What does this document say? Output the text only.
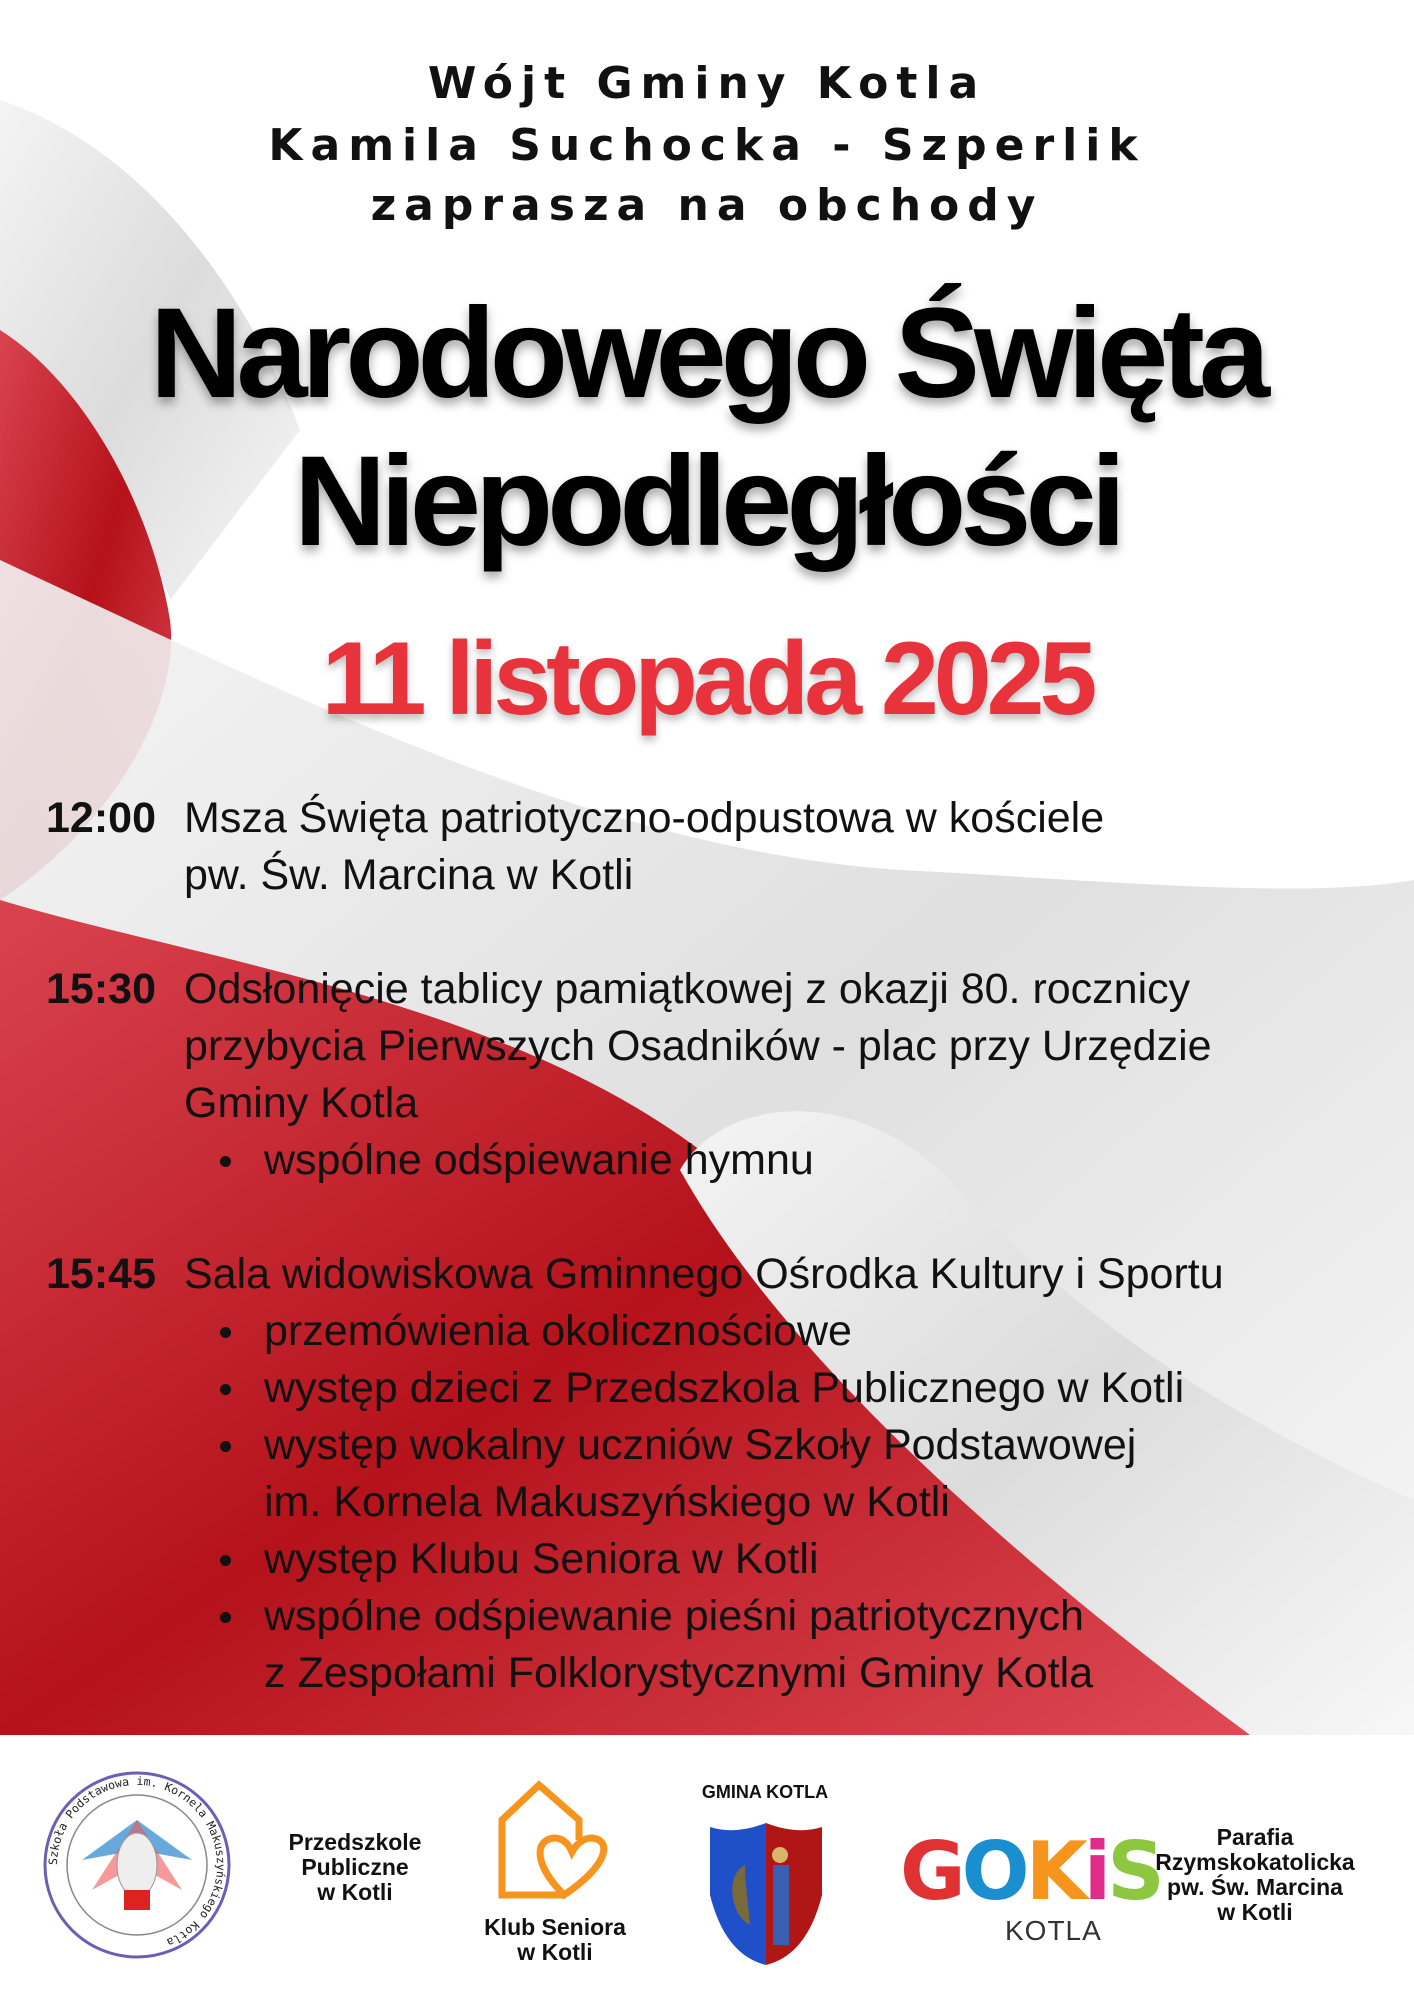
Wójt Gminy Kotla
Kamila Suchocka - Szperlik
zaprasza na obchody
Narodowego Święta
Niepodległości
11 listopada 2025
12:00 Msza Święta patriotyczno-odpustowa w kościele
pw. Św. Marcina w Kotli
15:30 Odsłonięcie tablicy pamiątkowej z okazji 80. rocznicy
przybycia Pierwszych Osadników - plac przy Urzędzie
Gminy Kotla
wspólne odśpiewanie hymnu
15:45 Sala widowiskowa Gminnego Ośrodka Kultury i Sportu
przemówienia okolicznościowe
występ dzieci z Przedszkola Publicznego w Kotli
występ wokalny uczniów Szkoły Podstawowej
im. Kornela Makuszyńskiego w Kotli
występ Klubu Seniora w Kotli
wspólne odśpiewanie pieśni patriotycznych
z Zespołami Folklorystycznymi Gminy Kotla
Szkoła Podstawowa im. Kornela Makuszyńskiego Kotla
Przedszkole
Publiczne
w Kotli
Klub Seniora
w Kotli
GMINA KOTLA
GOKiS
KOTLA
Parafia
Rzymskokatolicka
pw. Św. Marcina
w Kotli
